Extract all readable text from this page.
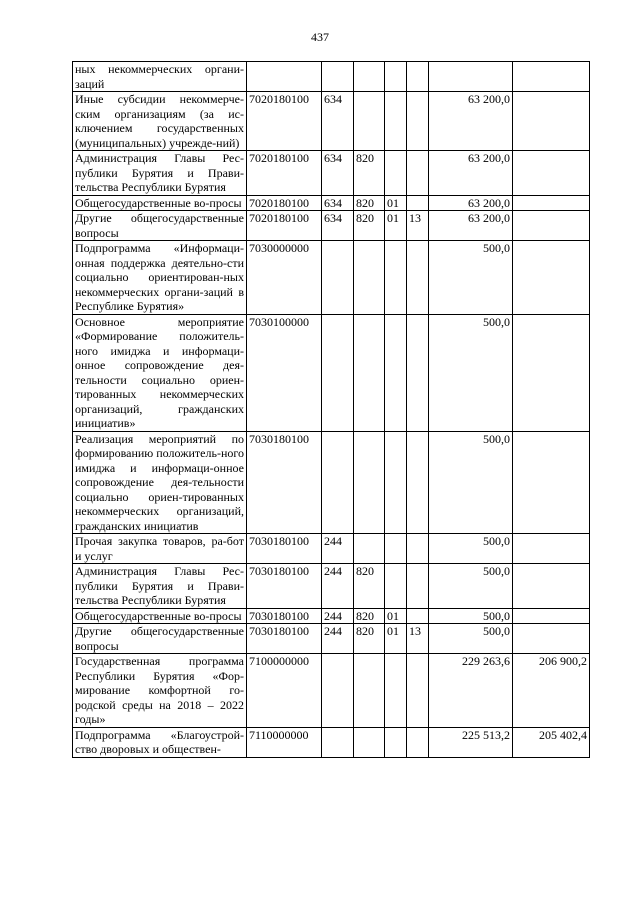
437
ных некоммерческих органи-заций							
Иные субсидии некоммерче-ским организациям (за ис-ключением государственных (муниципальных) учрежде-ний)	7020180100	634				63 200,0	
Администрация Главы Рес-публики Бурятия и Прави-тельства Республики Бурятия	7020180100	634	820			63 200,0	
Общегосударственные во-просы	7020180100	634	820	01		63 200,0	
Другие общегосударственные вопросы	7020180100	634	820	01	13	63 200,0	
Подпрограмма «Информаци-онная поддержка деятельно-сти социально ориентирован-ных некоммерческих органи-заций в Республике Бурятия»	7030000000					500,0	
Основное мероприятие «Формирование положитель-ного имиджа и информаци-онное сопровождение дея-тельности социально ориен-тированных некоммерческих организаций, гражданских инициатив»	7030100000					500,0	
Реализация мероприятий по формированию положитель-ного имиджа и информаци-онное сопровождение дея-тельности социально ориен-тированных некоммерческих организаций, гражданских инициатив	7030180100					500,0	
Прочая закупка товаров, ра-бот и услуг	7030180100	244				500,0	
Администрация Главы Рес-публики Бурятия и Прави-тельства Республики Бурятия	7030180100	244	820			500,0	
Общегосударственные во-просы	7030180100	244	820	01		500,0	
Другие общегосударственные вопросы	7030180100	244	820	01	13	500,0	
Государственная программа Республики Бурятия «Фор-мирование комфортной го-родской среды на 2018 – 2022 годы»	7100000000					229 263,6	206 900,2
Подпрограмма «Благоустрой-ство дворовых и обществен-	7110000000					225 513,2	205 402,4
